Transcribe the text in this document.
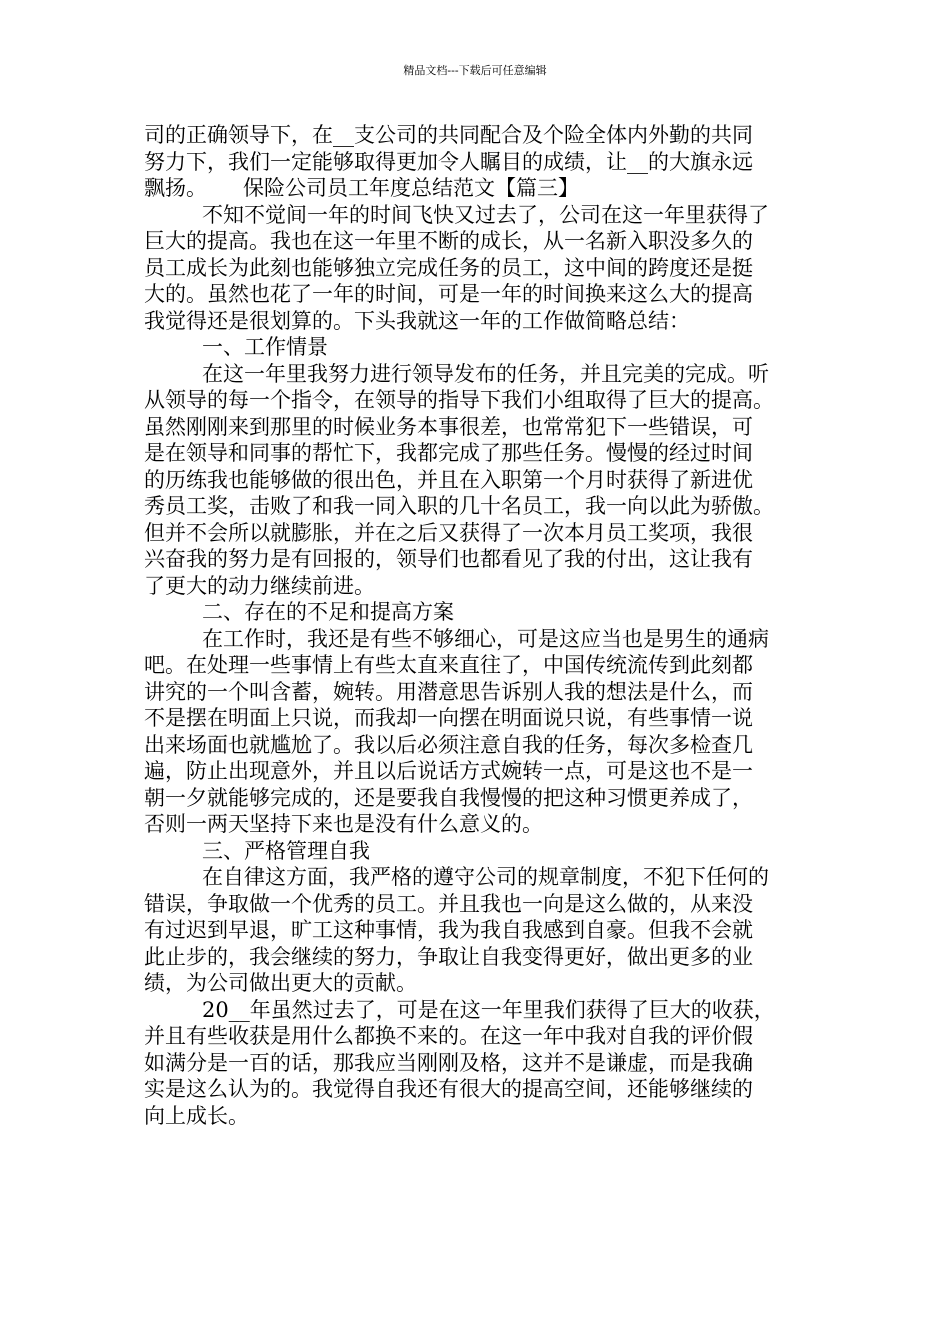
精品文档---下载后可任意编辑
司的正确领导下，在__支公司的共同配合及个险全体内外勤的共同
努力下，我们一定能够取得更加令人瞩目的成绩，让__的大旗永远
飘扬。 保险公司员工年度总结范文【篇三】
不知不觉间一年的时间飞快又过去了，公司在这一年里获得了
巨大的提高。我也在这一年里不断的成长，从一名新入职没多久的
员工成长为此刻也能够独立完成任务的员工，这中间的跨度还是挺
大的。虽然也花了一年的时间，可是一年的时间换来这么大的提高
我觉得还是很划算的。下头我就这一年的工作做简略总结：
一、工作情景
在这一年里我努力进行领导发布的任务，并且完美的完成。听
从领导的每一个指令，在领导的指导下我们小组取得了巨大的提高。
虽然刚刚来到那里的时候业务本事很差，也常常犯下一些错误，可
是在领导和同事的帮忙下，我都完成了那些任务。慢慢的经过时间
的历练我也能够做的很出色，并且在入职第一个月时获得了新进优
秀员工奖，击败了和我一同入职的几十名员工，我一向以此为骄傲。
但并不会所以就膨胀，并在之后又获得了一次本月员工奖项，我很
兴奋我的努力是有回报的，领导们也都看见了我的付出，这让我有
了更大的动力继续前进。
二、存在的不足和提高方案
在工作时，我还是有些不够细心，可是这应当也是男生的通病
吧。在处理一些事情上有些太直来直往了，中国传统流传到此刻都
讲究的一个叫含蓄，婉转。用潜意思告诉别人我的想法是什么，而
不是摆在明面上只说，而我却一向摆在明面说只说，有些事情一说
出来场面也就尴尬了。我以后必须注意自我的任务，每次多检查几
遍，防止出现意外，并且以后说话方式婉转一点，可是这也不是一
朝一夕就能够完成的，还是要我自我慢慢的把这种习惯更养成了，
否则一两天坚持下来也是没有什么意义的。
三、严格管理自我
在自律这方面，我严格的遵守公司的规章制度，不犯下任何的
错误，争取做一个优秀的员工。并且我也一向是这么做的，从来没
有过迟到早退，旷工这种事情，我为我自我感到自豪。但我不会就
此止步的，我会继续的努力，争取让自我变得更好，做出更多的业
绩，为公司做出更大的贡献。
20__年虽然过去了，可是在这一年里我们获得了巨大的收获，
并且有些收获是用什么都换不来的。在这一年中我对自我的评价假
如满分是一百的话，那我应当刚刚及格，这并不是谦虚，而是我确
实是这么认为的。我觉得自我还有很大的提高空间，还能够继续的
向上成长。
